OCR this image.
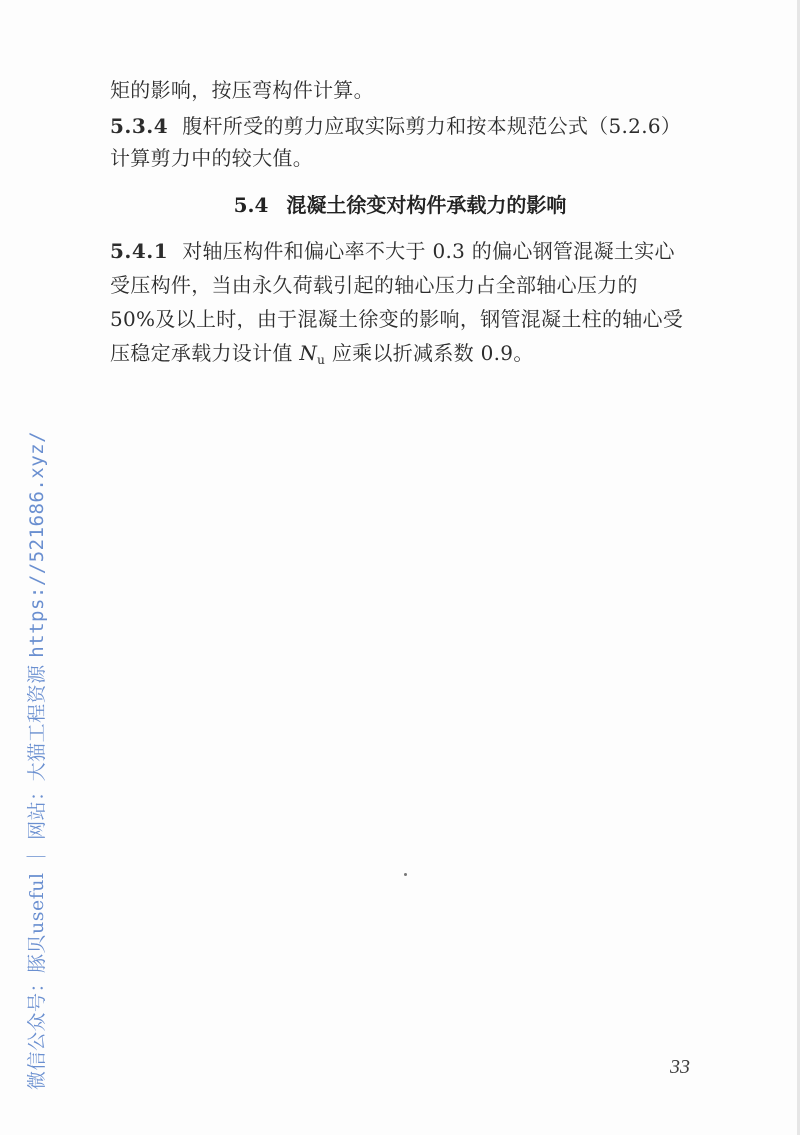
矩的影响，按压弯构件计算。
5.3.4 腹杆所受的剪力应取实际剪力和按本规范公式（5.2.6）
计算剪力中的较大值。
5.4 混凝土徐变对构件承载力的影响
5.4.1 对轴压构件和偏心率不大于 0.3 的偏心钢管混凝土实心
受压构件，当由永久荷载引起的轴心压力占全部轴心压力的
50%及以上时，由于混凝土徐变的影响，钢管混凝土柱的轴心受
压稳定承载力设计值 $N_u$ 应乘以折减系数 0.9。
33
微信公众号：豚贝useful ｜ 网站：大猫工程资源 https://521686.xyz/
